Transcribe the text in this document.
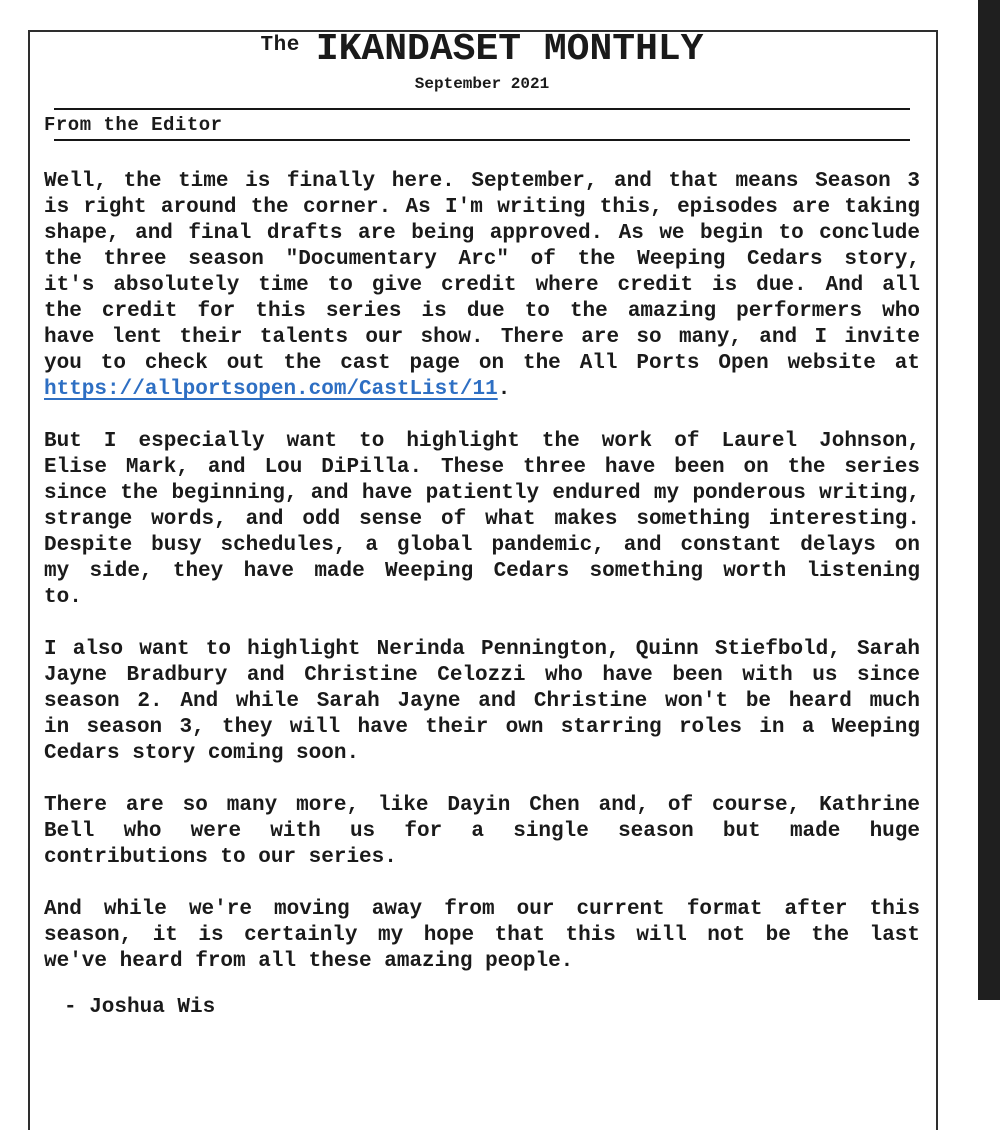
The IKANDASET MONTHLY
September 2021
From the Editor
Well, the time is finally here. September, and that means Season 3
is right around the corner. As I'm writing this, episodes are taking
shape, and final drafts are being approved. As we begin to conclude
the three season "Documentary Arc" of the Weeping Cedars story,
it's absolutely time to give credit where credit is due. And all
the credit for this series is due to the amazing performers who
have lent their talents our show. There are so many, and I invite
you to check out the cast page on the All Ports Open website at
https://allportsopen.com/CastList/11.
But I especially want to highlight the work of Laurel Johnson,
Elise Mark, and Lou DiPilla. These three have been on the series
since the beginning, and have patiently endured my ponderous writing,
strange words, and odd sense of what makes something interesting.
Despite busy schedules, a global pandemic, and constant delays on
my side, they have made Weeping Cedars something worth listening
to.
I also want to highlight Nerinda Pennington, Quinn Stiefbold, Sarah
Jayne Bradbury and Christine Celozzi who have been with us since
season 2. And while Sarah Jayne and Christine won't be heard much
in season 3, they will have their own starring roles in a Weeping
Cedars story coming soon.
There are so many more, like Dayin Chen and, of course, Kathrine
Bell who were with us for a single season but made huge
contributions to our series.
And while we're moving away from our current format after this
season, it is certainly my hope that this will not be the last
we've heard from all these amazing people.
- Joshua Wis
